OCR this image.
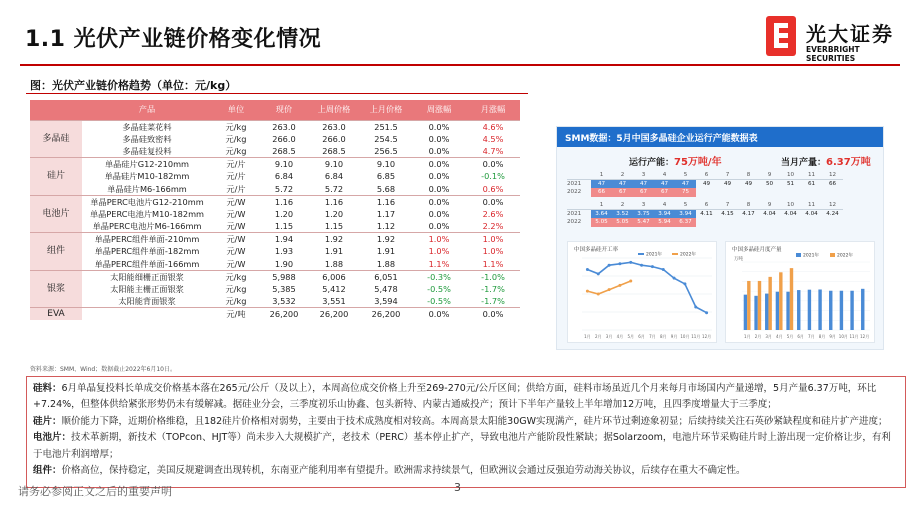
1.1 光伏产业链价格变化情况	光大证券
EVERBRIGHT SECURITIES
图：光伏产业链价格趋势（单位：元/kg）
	产品	单位	现价	上周价格	上月价格	周涨幅	月涨幅
多晶硅	多晶硅菜花料	元/kg	263.0	263.0	251.5	0.0%	4.6%
	多晶硅致密料	元/kg	266.0	266.0	254.5	0.0%	4.5%
	多晶硅复投料	元/kg	268.5	268.5	256.5	0.0%	4.7%
硅片	单晶硅片G12-210mm	元/片	9.10	9.10	9.10	0.0%	0.0%
	单晶硅片M10-182mm	元/片	6.84	6.84	6.85	0.0%	-0.1%
	单晶硅片M6-166mm	元/片	5.72	5.72	5.68	0.0%	0.6%
电池片	单晶PERC电池片G12-210mm	元/W	1.16	1.16	1.16	0.0%	0.0%
	单晶PERC电池片M10-182mm	元/W	1.20	1.20	1.17	0.0%	2.6%
	单晶PERC电池片M6-166mm	元/W	1.15	1.15	1.12	0.0%	2.2%
组件	单晶PERC组件单面-210mm	元/W	1.94	1.92	1.92	1.0%	1.0%
	单晶PERC组件单面-182mm	元/W	1.93	1.91	1.91	1.0%	1.0%
	单晶PERC组件单面-166mm	元/W	1.90	1.88	1.88	1.1%	1.1%
银浆	太阳能细栅正面银浆	元/kg	5,988	6,006	6,051	-0.3%	-1.0%
	太阳能主栅正面银浆	元/kg	5,385	5,412	5,478	-0.5%	-1.7%
	太阳能背面银浆	元/kg	3,532	3,551	3,594	-0.5%	-1.7%
EVA		元/吨	26,200	26,200	26,200	0.0%	0.0%
资料来源：SMM、Wind；数据截止2022年6月10日。
SMM数据：5月中国多晶硅企业运行产能数据表
运行产能：75万吨/年	当月产量：6.37万吨
	1	2	3	4	5	6	7	8	9	10	11	12
2021	47	47	47	47	47	49	49	49	50	51	61	66
2022	66	67	67	67	75							
	1	2	3	4	5	6	7	8	9	10	11	12
2021	3.64	3.52	3.75	3.94	3.94	4.11	4.15	4.17	4.04	4.04	4.04	4.24
2022	5.05	5.05	5.47	5.94	6.37							
1月 2月 3月 4月 5月 6月 7月 8月 9月 10月 11月 12月
2021年	2022年
中国多晶硅开工率
万吨
1月 2月 3月 4月 5月 6月 7月 8月 9月 10月 11月 12月
2021年	2022年
中国多晶硅月度产量
硅料：6月单晶复投料长单成交价格基本落在265元/公斤（及以上），本周高位成交价格上升至269-270元/公斤区间；供给方面，硅料市场虽近几个月来每月市场国内产量递增，5月产量6.37万吨，环比+7.24%，但整体供给紧张形势仍未有缓解减。据硅业分会，三季度初乐山协鑫、包头新特、内蒙古通威投产；预计下半年产量较上半年增加12万吨，且四季度增量大于三季度；
硅片：顺价能力下降，近期价格维稳，且182硅片价格相对弱势，主要由于技术成熟度相对较高。本周高景太阳能30GW实现满产，硅片环节过剩迹象初显；后续持续关注石英砂紧缺程度和硅片扩产进度；
电池片：技术革新期，新技术（TOPcon、HJT等）尚未步入大规模扩产，老技术（PERC）基本停止扩产，导致电池片产能阶段性紧缺；据Solarzoom，电池片环节采购硅片时上游出现一定价格让步，有利于电池片利润增厚；
组件：价格高位，保持稳定，美国反规避调查出现转机，东南亚产能利用率有望提升。欧洲需求持续景气，但欧洲议会通过反强迫劳动海关协议，后续存在重大不确定性。
请务必参阅正文之后的重要声明	3
